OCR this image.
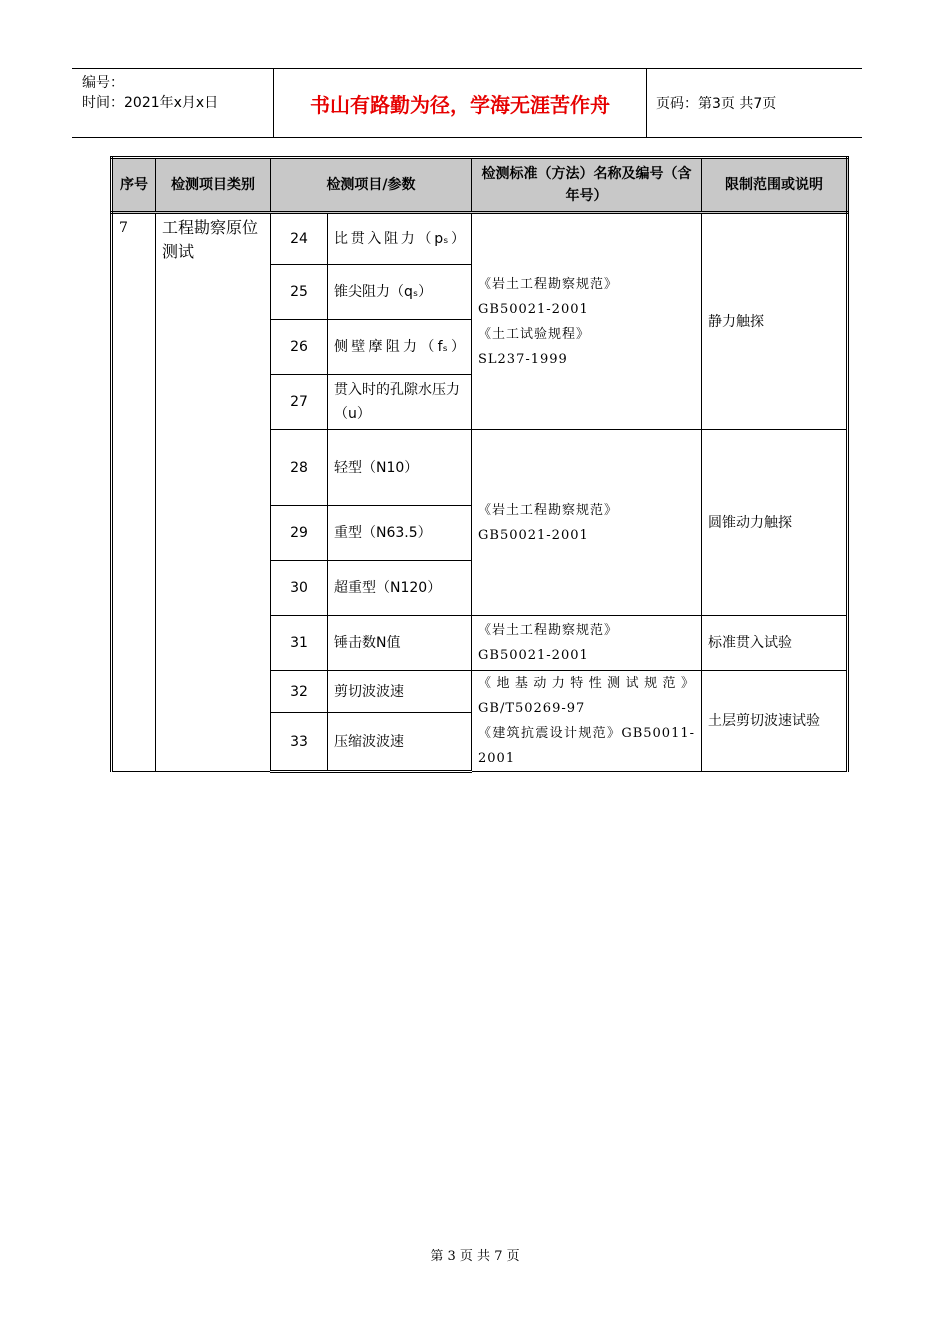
编号：
时间：2021年x月x日	书山有路勤为径，学海无涯苦作舟	页码：第3页 共7页
序号	检测项目类别	检测项目/参数		检测标准（方法）名称及编号（含年号）	限制范围或说明
7	工程勘察原位测试	24	比贯入阻力（pₛ）	《岩土工程勘察规范》
GB50021-2001
《土工试验规程》
SL237-1999	静力触探
		25	锥尖阻力（qₛ）		
		26	侧壁摩阻力（fₛ）		
		27	贯入时的孔隙水压力（u）		
		28	轻型（N10）	《岩土工程勘察规范》
GB50021-2001	圆锥动力触探
		29	重型（N63.5）		
		30	超重型（N120）		
		31	锤击数N值	《岩土工程勘察规范》
GB50021-2001	标准贯入试验
		32	剪切波波速	《地基动力特性测试规范》GB/T50269-97
《建筑抗震设计规范》GB50011-2001	土层剪切波速试验
		33	压缩波波速		
第 3 页 共 7 页
